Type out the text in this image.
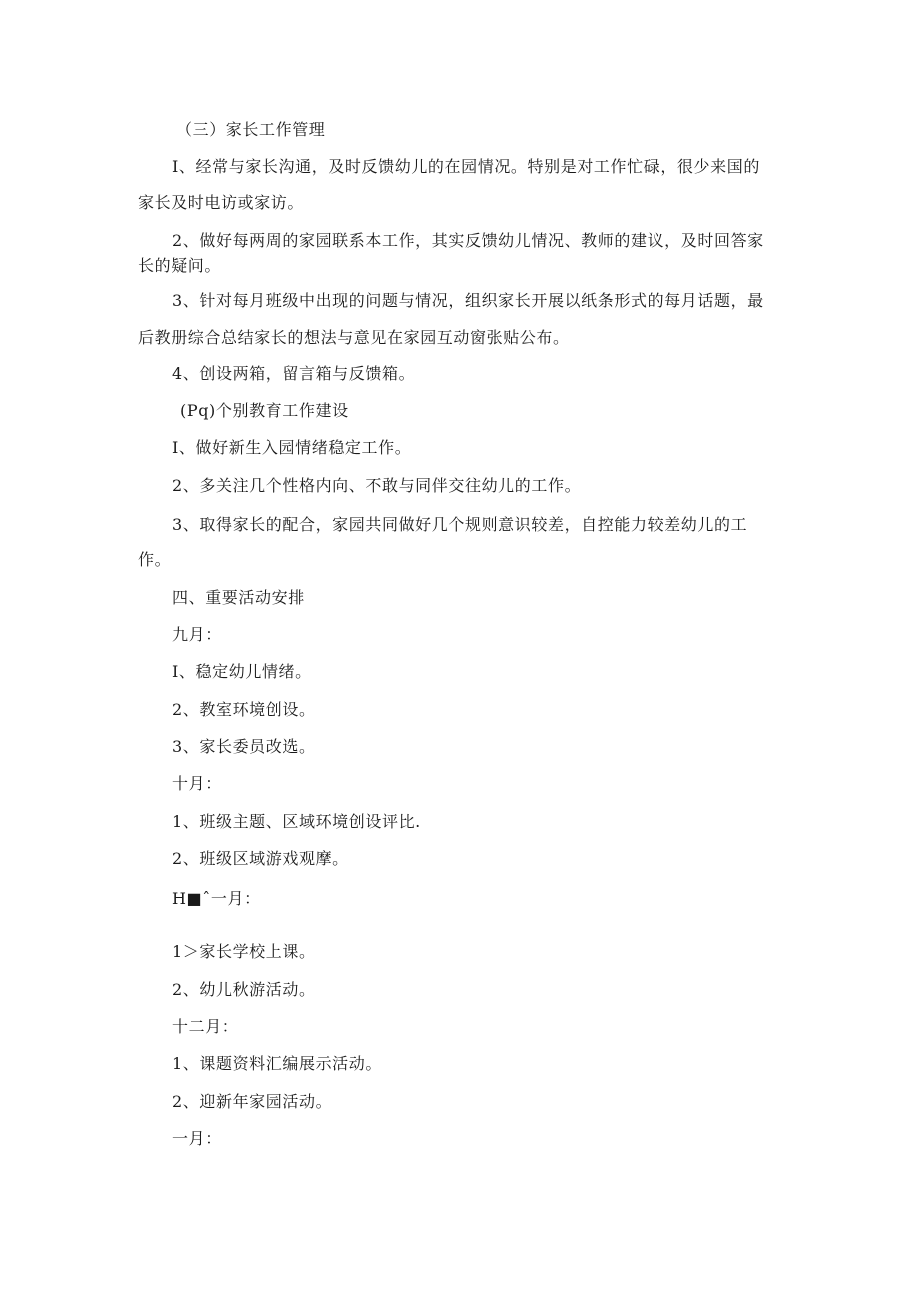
（三）家长工作管理
I、经常与家长沟通，及时反馈幼儿的在园情况。特别是对工作忙碌，很少来国的
家长及时电访或家访。
2、做好每两周的家园联系本工作，其实反馈幼儿情况、教师的建议，及时回答家
长的疑问。
3、针对每月班级中出现的问题与情况，组织家长开展以纸条形式的每月话题，最
后教册综合总结家长的想法与意见在家园互动窗张贴公布。
4、创设两箱，留言箱与反馈箱。
(Pq)个别教育工作建设
I、做好新生入园情绪稳定工作。
2、多关注几个性格内向、不敢与同伴交往幼儿的工作。
3、取得家长的配合，家园共同做好几个规则意识较差，自控能力较差幼儿的工
作。
四、重要活动安排
九月：
I、稳定幼儿情绪。
2、教室环境创设。
3、家长委员改选。
十月：
1、班级主题、区域环境创设评比.
2、班级区域游戏观摩。
H■ˆ一月：
1＞家长学校上课。
2、幼儿秋游活动。
十二月：
1、课题资料汇编展示活动。
2、迎新年家园活动。
一月：
